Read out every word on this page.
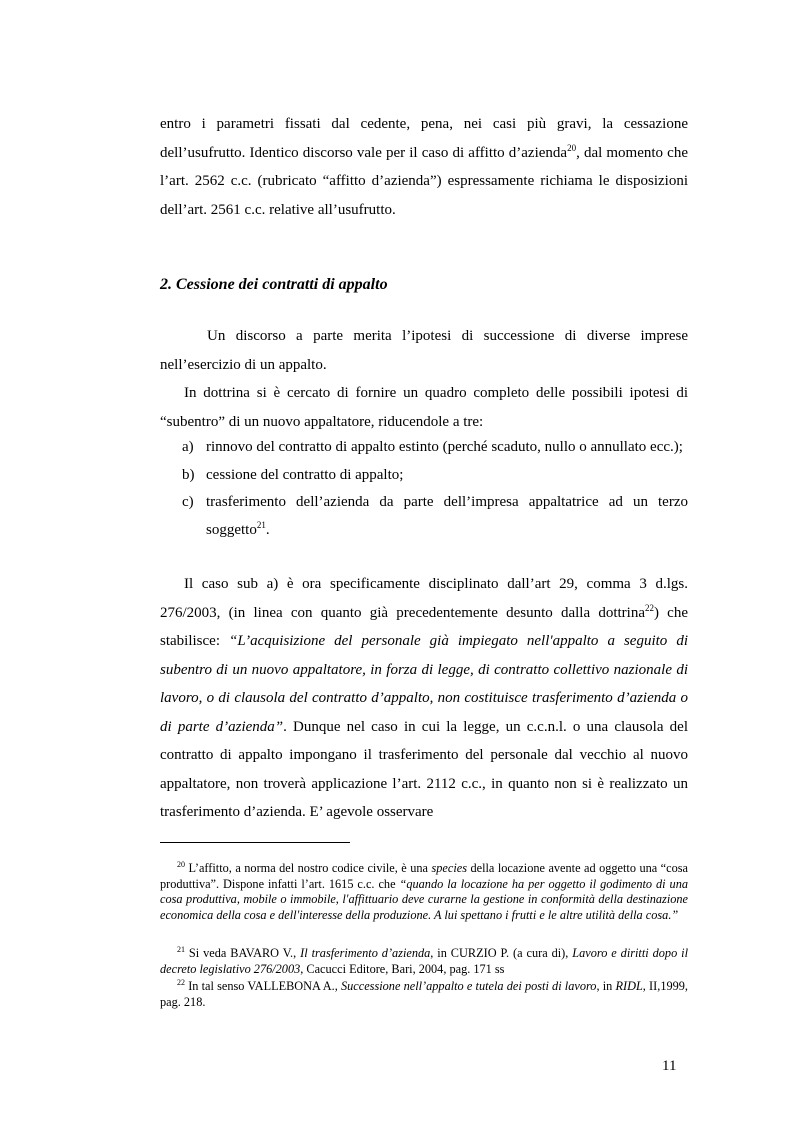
entro i parametri fissati dal cedente, pena, nei casi più gravi, la cessazione dell’usufrutto. Identico discorso vale per il caso di affitto d’azienda$^{20}$, dal momento che l’art. 2562 c.c. (rubricato “affitto d’azienda”) espressamente richiama le disposizioni dell’art. 2561 c.c. relative all’usufrutto.

2. Cessione dei contratti di appalto

Un discorso a parte merita l’ipotesi di successione di diverse imprese nell’esercizio di un appalto.

In dottrina si è cercato di fornire un quadro completo delle possibili ipotesi di “subentro” di un nuovo appaltatore, riducendole a tre:

a) rinnovo del contratto di appalto estinto (perché scaduto, nullo o annullato ecc.);
b) cessione del contratto di appalto;
c) trasferimento dell’azienda da parte dell’impresa appaltatrice ad un terzo soggetto$^{21}$.

Il caso sub a) è ora specificamente disciplinato dall’art 29, comma 3 d.lgs. 276/2003, (in linea con quanto già precedentemente desunto dalla dottrina$^{22}$) che stabilisce: “L’acquisizione del personale già impiegato nell'appalto a seguito di subentro di un nuovo appaltatore, in forza di legge, di contratto collettivo nazionale di lavoro, o di clausola del contratto d’appalto, non costituisce trasferimento d’azienda o di parte d’azienda”. Dunque nel caso in cui la legge, un c.c.n.l. o una clausola del contratto di appalto impongano il trasferimento del personale dal vecchio al nuovo appaltatore, non troverà applicazione l’art. 2112 c.c., in quanto non si è realizzato un trasferimento d’azienda. E’ agevole osservare

$^{20}$ L’affitto, a norma del nostro codice civile, è una species della locazione avente ad oggetto una “cosa produttiva”. Dispone infatti l’art. 1615 c.c. che “quando la locazione ha per oggetto il godimento di una cosa produttiva, mobile o immobile, l'affittuario deve curarne la gestione in conformità della destinazione economica della cosa e dell'interesse della produzione. A lui spettano i frutti e le altre utilità della cosa.”

$^{21}$ Si veda BAVARO V., Il trasferimento d’azienda, in CURZIO P. (a cura di), Lavoro e diritti dopo il decreto legislativo 276/2003, Cacucci Editore, Bari, 2004, pag. 171 ss

$^{22}$ In tal senso VALLEBONA A., Successione nell’appalto e tutela dei posti di lavoro, in RIDL, II,1999, pag. 218.

11
